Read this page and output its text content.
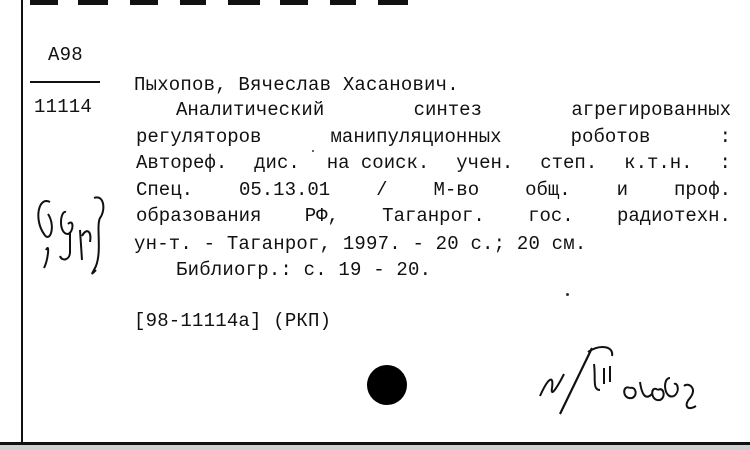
А98
11114
Пыхопов, Вячеслав Хасанович.
Аналитический	синтез	агрегированных
регуляторов	манипуляционных	роботов	:
Автореф. дис. на соиск. учен. степ. к.т.н. :
Спец. 05.13.01 / М-во общ. и проф.
образования РФ, Таганрог. гос. радиотехн.
ун-т. - Таганрог, 1997. - 20 с.; 20 см.
Библиогр.: с. 19 - 20.
[98-11114а] (РКП)
